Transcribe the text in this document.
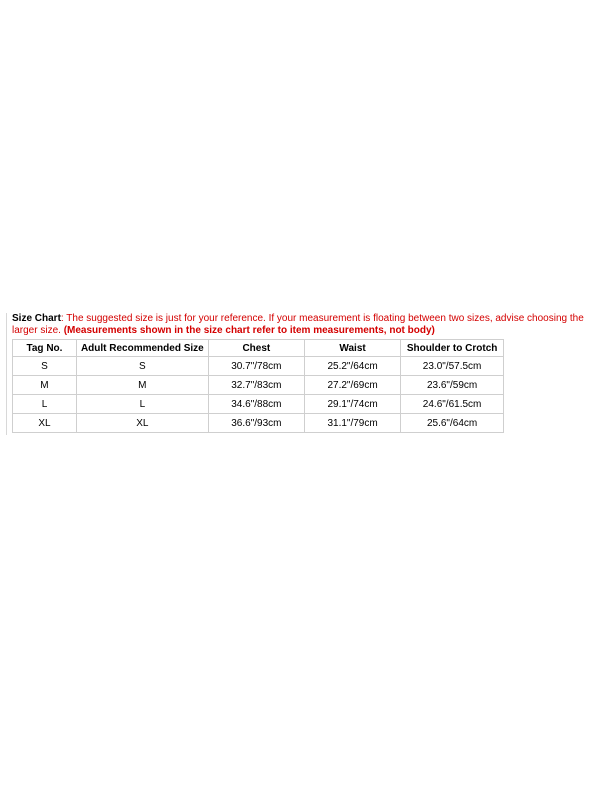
Size Chart: The suggested size is just for your reference. If your measurement is floating between two sizes, advise choosing the larger size. (Measurements shown in the size chart refer to item measurements, not body)

Tag No.	Adult Recommended Size	Chest	Waist	Shoulder to Crotch
S	S	30.7"/78cm	25.2"/64cm	23.0"/57.5cm
M	M	32.7"/83cm	27.2"/69cm	23.6"/59cm
L	L	34.6"/88cm	29.1"/74cm	24.6"/61.5cm
XL	XL	36.6"/93cm	31.1"/79cm	25.6"/64cm
